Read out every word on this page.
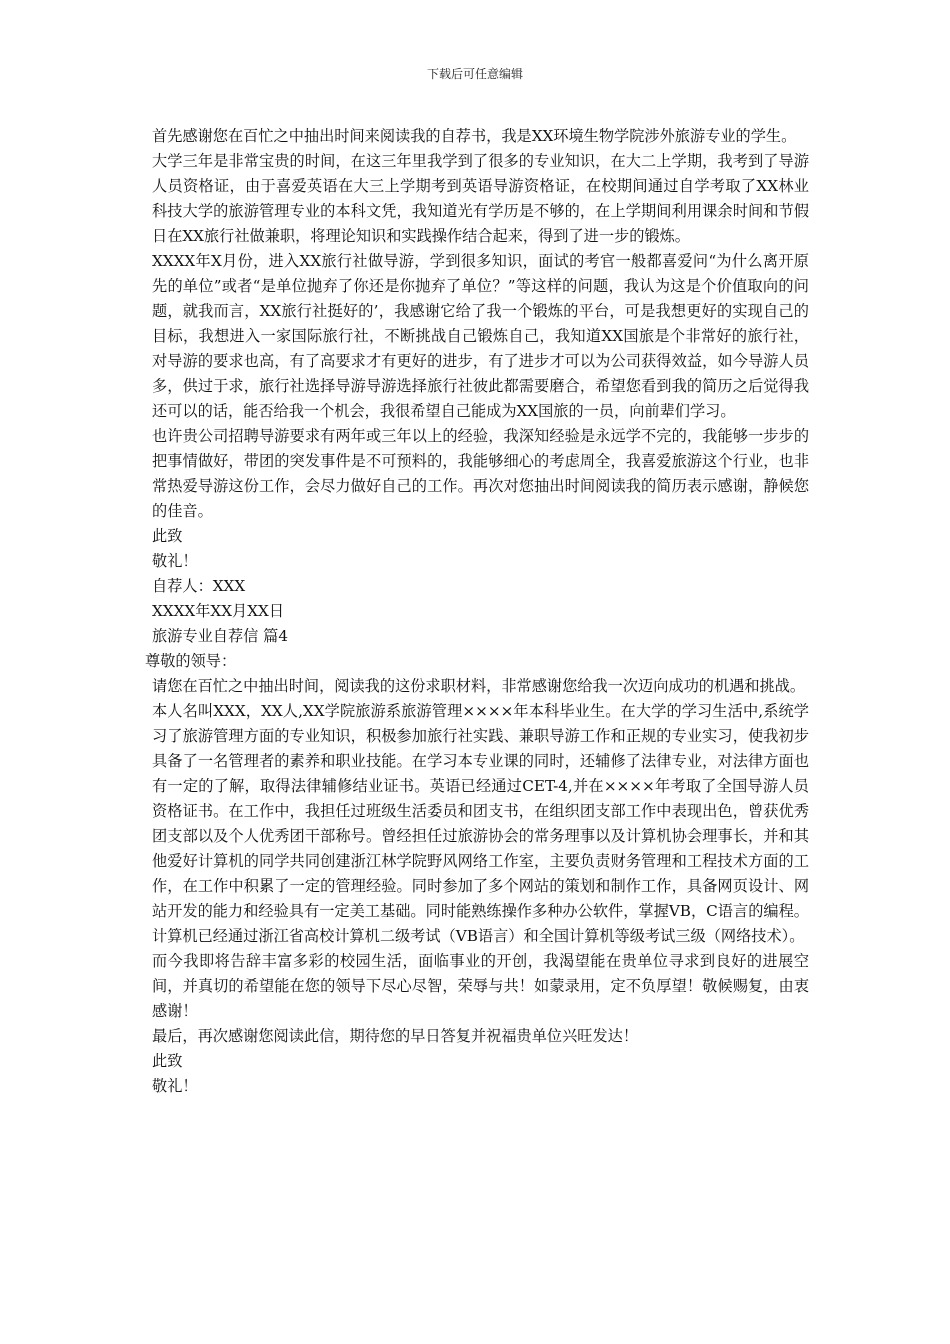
下载后可任意编辑

首先感谢您在百忙之中抽出时间来阅读我的自荐书，我是XX环境生物学院涉外旅游专业的学生。

大学三年是非常宝贵的时间，在这三年里我学到了很多的专业知识，在大二上学期，我考到了导游人员资格证，由于喜爱英语在大三上学期考到英语导游资格证，在校期间通过自学考取了XX林业科技大学的旅游管理专业的本科文凭，我知道光有学历是不够的，在上学期间利用课余时间和节假日在XX旅行社做兼职，将理论知识和实践操作结合起来，得到了进一步的锻炼。

XXXX年X月份，进入XX旅行社做导游，学到很多知识，面试的考官一般都喜爱问“为什么离开原先的单位”或者“是单位抛弃了你还是你抛弃了单位？”等这样的问题，我认为这是个价值取向的问题，就我而言，XX旅行社挺好的’，我感谢它给了我一个锻炼的平台，可是我想更好的实现自己的目标，我想进入一家国际旅行社，不断挑战自己锻炼自己，我知道XX国旅是个非常好的旅行社，对导游的要求也高，有了高要求才有更好的进步，有了进步才可以为公司获得效益，如今导游人员多，供过于求，旅行社选择导游导游选择旅行社彼此都需要磨合，希望您看到我的简历之后觉得我还可以的话，能否给我一个机会，我很希望自己能成为XX国旅的一员，向前辈们学习。

也许贵公司招聘导游要求有两年或三年以上的经验，我深知经验是永远学不完的，我能够一步步的把事情做好，带团的突发事件是不可预料的，我能够细心的考虑周全，我喜爱旅游这个行业，也非常热爱导游这份工作，会尽力做好自己的工作。再次对您抽出时间阅读我的简历表示感谢，静候您的佳音。

此致

敬礼！

自荐人：XXX

XXXX年XX月XX日

旅游专业自荐信 篇4

尊敬的领导：

请您在百忙之中抽出时间，阅读我的这份求职材料，非常感谢您给我一次迈向成功的机遇和挑战。

本人名叫XXX，XX人,XX学院旅游系旅游管理××××年本科毕业生。在大学的学习生活中,系统学习了旅游管理方面的专业知识，积极参加旅行社实践、兼职导游工作和正规的专业实习，使我初步具备了一名管理者的素养和职业技能。在学习本专业课的同时，还辅修了法律专业，对法律方面也有一定的了解，取得法律辅修结业证书。英语已经通过CET-4,并在××××年考取了全国导游人员资格证书。在工作中，我担任过班级生活委员和团支书，在组织团支部工作中表现出色，曾获优秀团支部以及个人优秀团干部称号。曾经担任过旅游协会的常务理事以及计算机协会理事长，并和其他爱好计算机的同学共同创建浙江林学院野风网络工作室，主要负责财务管理和工程技术方面的工作，在工作中积累了一定的管理经验。同时参加了多个网站的策划和制作工作，具备网页设计、网站开发的能力和经验具有一定美工基础。同时能熟练操作多种办公软件，掌握VB，C语言的编程。计算机已经通过浙江省高校计算机二级考试（VB语言）和全国计算机等级考试三级（网络技术）。

而今我即将告辞丰富多彩的校园生活，面临事业的开创，我渴望能在贵单位寻求到良好的进展空间，并真切的希望能在您的领导下尽心尽智，荣辱与共！如蒙录用，定不负厚望！敬候赐复，由衷感谢！

最后，再次感谢您阅读此信，期待您的早日答复并祝福贵单位兴旺发达！

此致

敬礼！
